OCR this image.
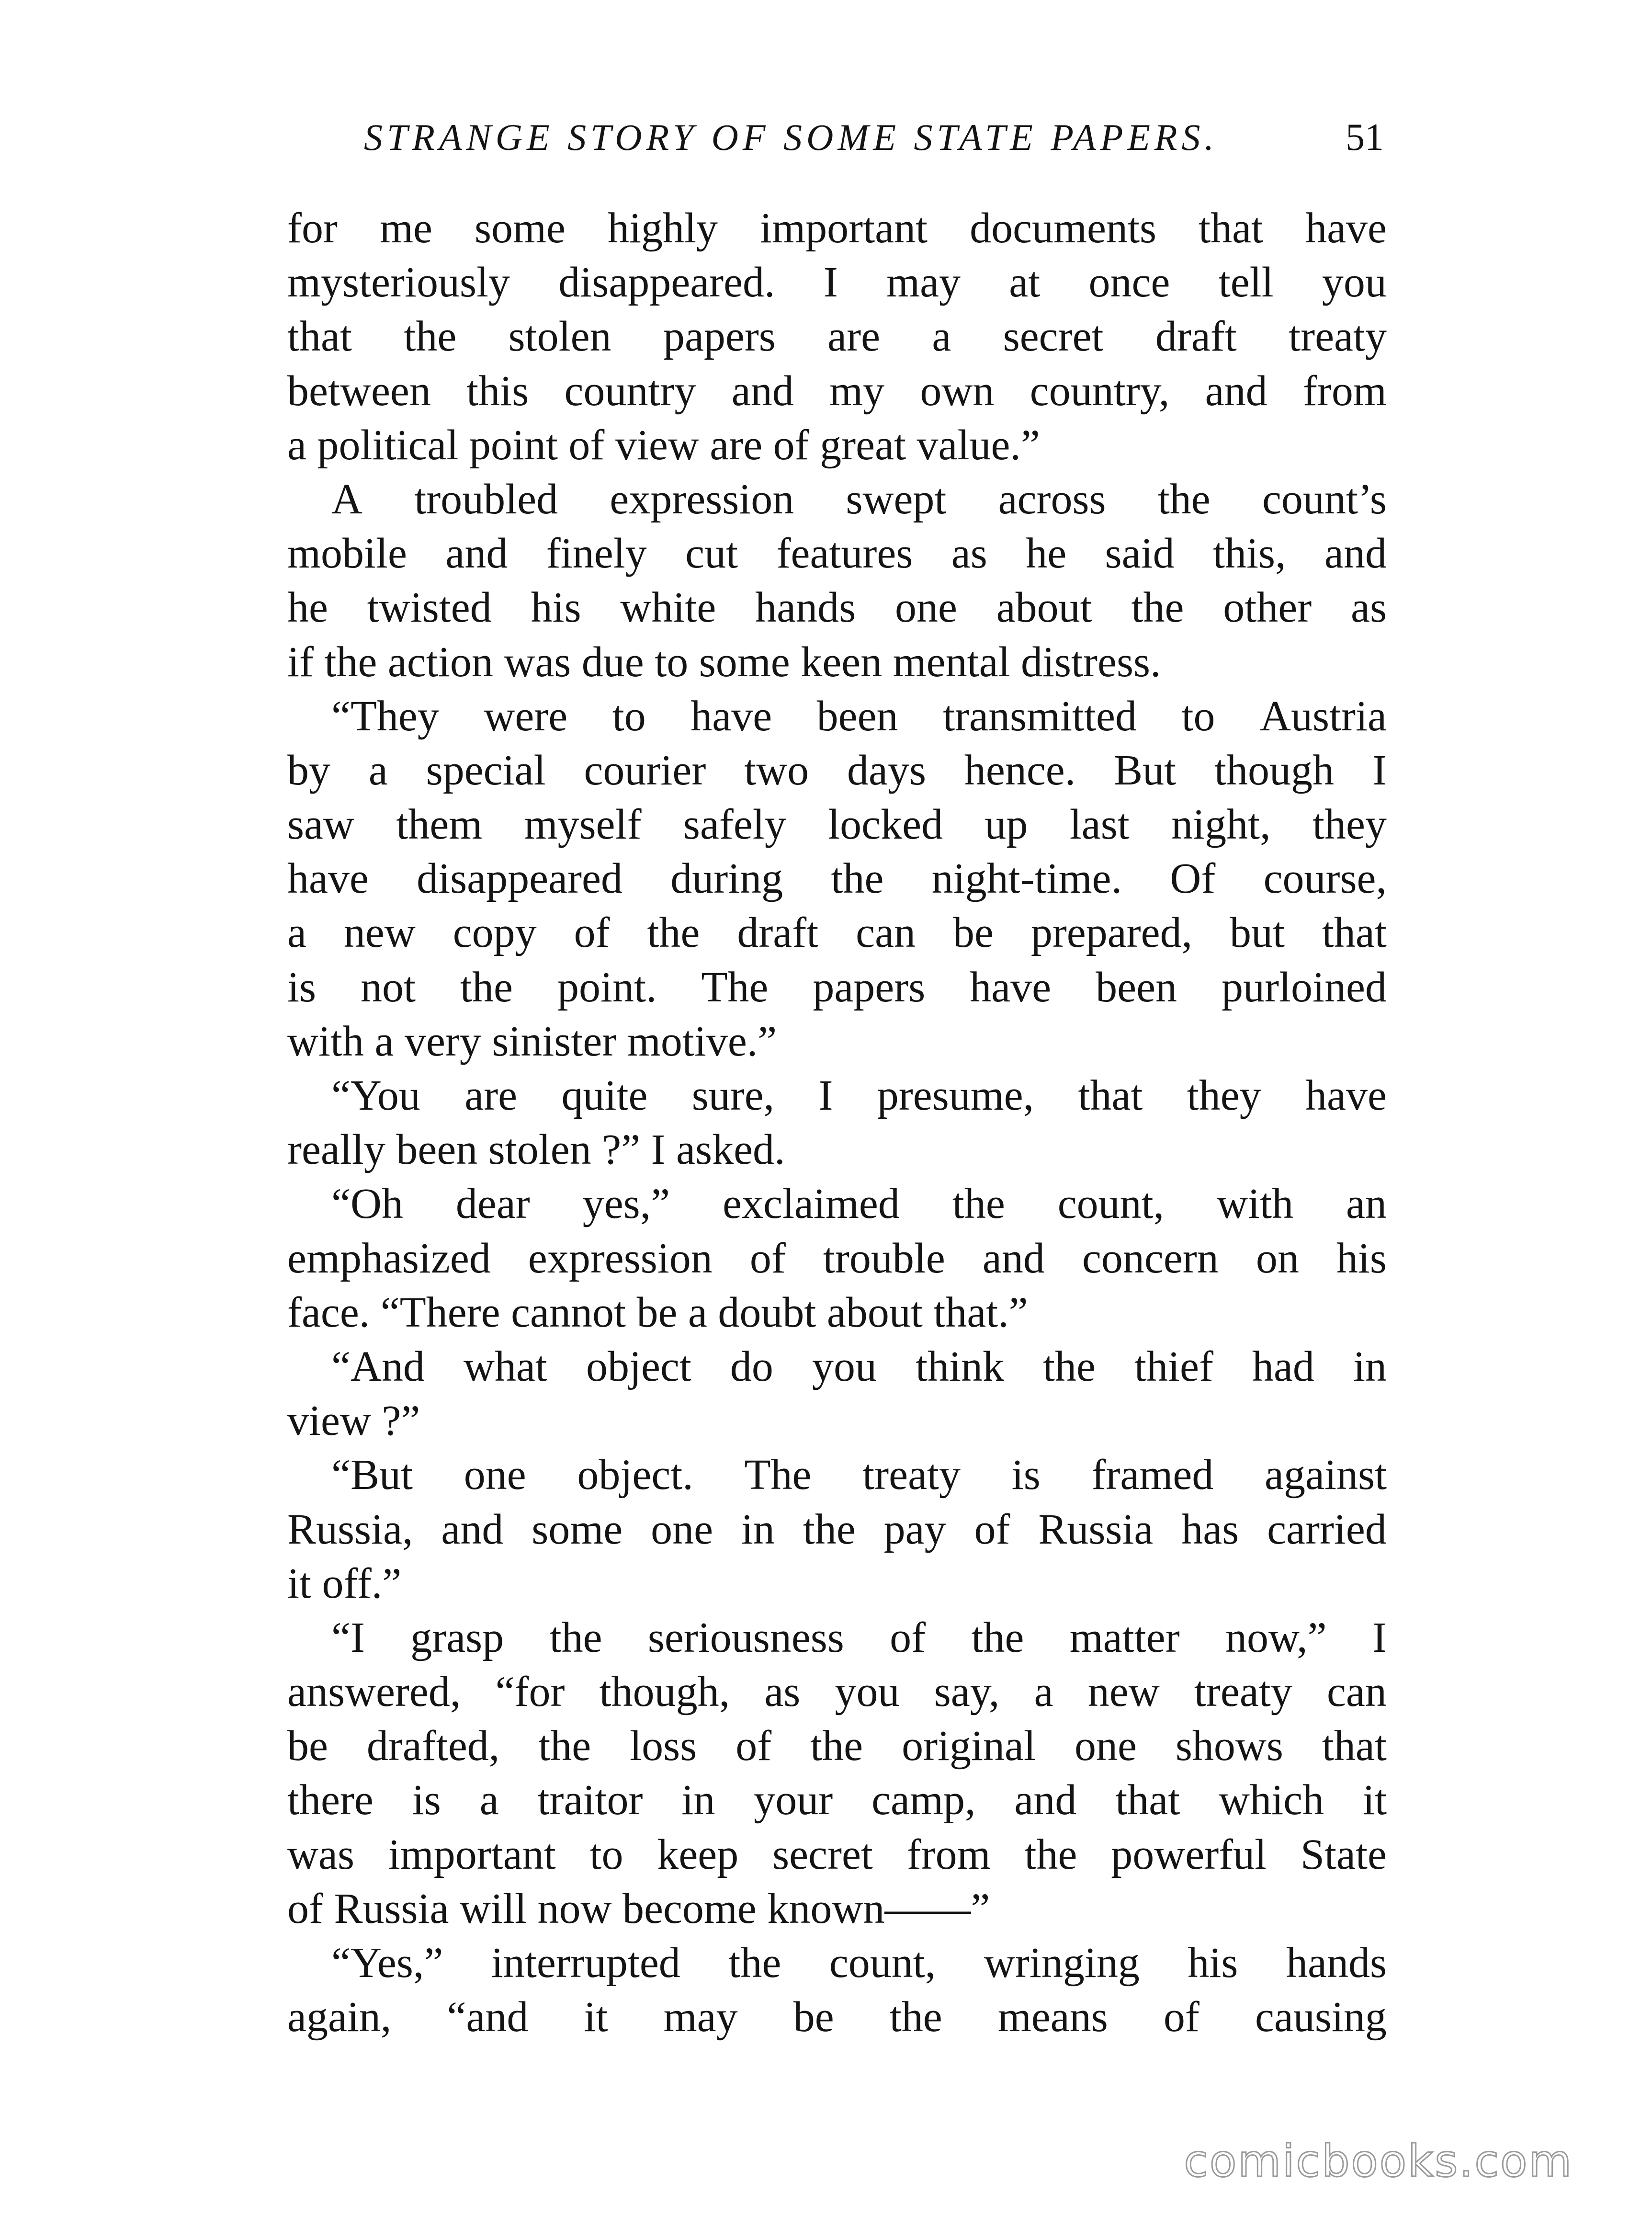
STRANGE STORY OF SOME STATE PAPERS.	51
for me some highly important documents that have
mysteriously disappeared. I may at once tell you
that the stolen papers are a secret draft treaty
between this country and my own country, and from
a political point of view are of great value.”
A troubled expression swept across the count’s
mobile and finely cut features as he said this, and
he twisted his white hands one about the other as
if the action was due to some keen mental distress.
“They were to have been transmitted to Austria
by a special courier two days hence. But though I
saw them myself safely locked up last night, they
have disappeared during the night-time. Of course,
a new copy of the draft can be prepared, but that
is not the point. The papers have been purloined
with a very sinister motive.”
“You are quite sure, I presume, that they have
really been stolen ?” I asked.
“Oh dear yes,” exclaimed the count, with an
emphasized expression of trouble and concern on his
face. “There cannot be a doubt about that.”
“And what object do you think the thief had in
view ?”
“But one object. The treaty is framed against
Russia, and some one in the pay of Russia has carried
it off.”
“I grasp the seriousness of the matter now,” I
answered, “for though, as you say, a new treaty can
be drafted, the loss of the original one shows that
there is a traitor in your camp, and that which it
was important to keep secret from the powerful State
of Russia will now become known——”
“Yes,” interrupted the count, wringing his hands
again, “and it may be the means of causing
comicbooks.com
